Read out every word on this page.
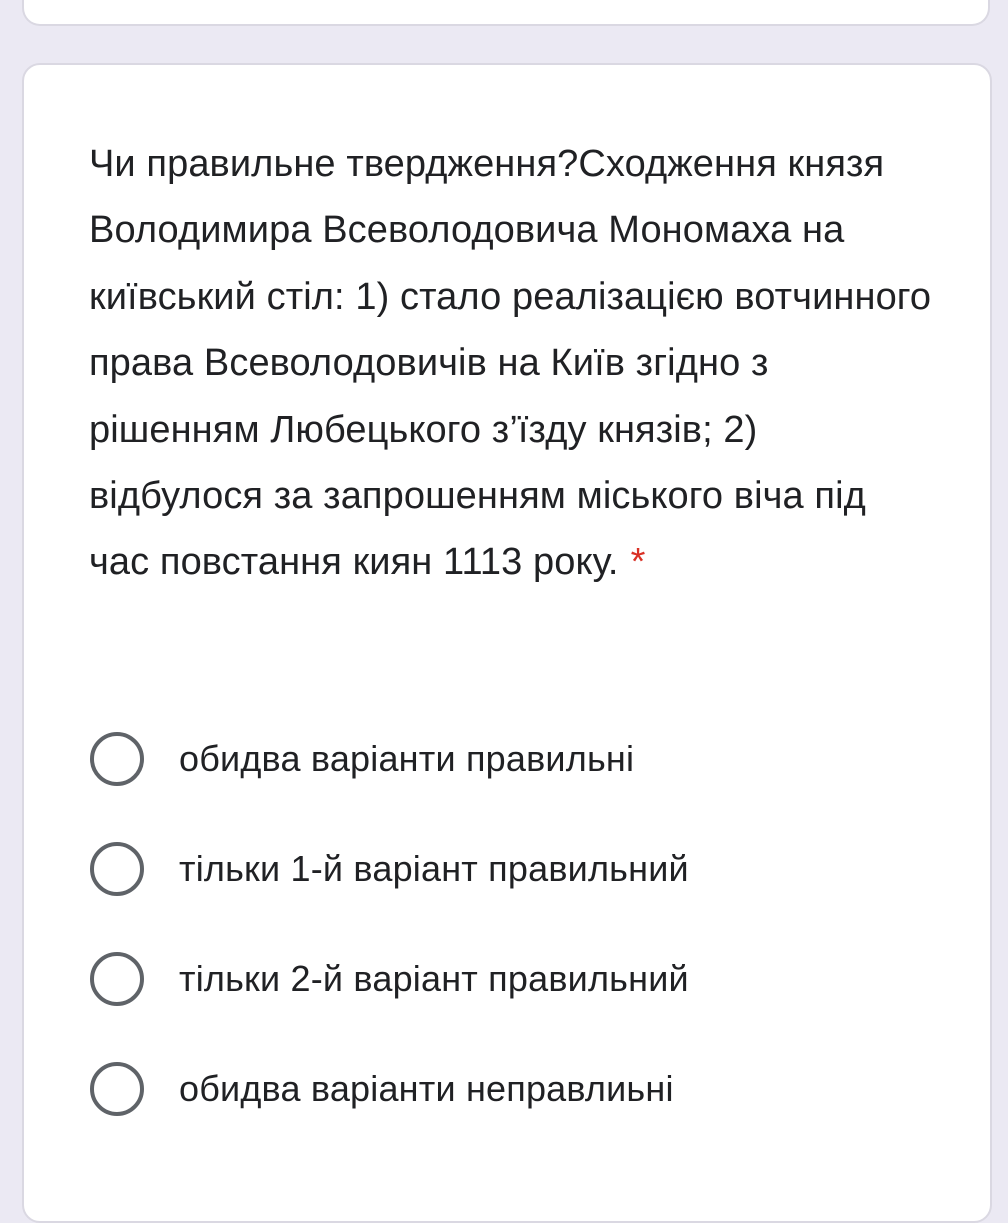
Чи правильне твердження?Сходження князя Володимира Всеволодовича Мономаха на київський стіл: 1) стало реалізацією вотчинного права Всеволодовичів на Київ згідно з рішенням Любецького з’їзду князів; 2) відбулося за запрошенням міського віча під час повстання киян 1113 року. *

обидва варіанти правильні
тільки 1-й варіант правильний
тільки 2-й варіант правильний
обидва варіанти неправлиьні
